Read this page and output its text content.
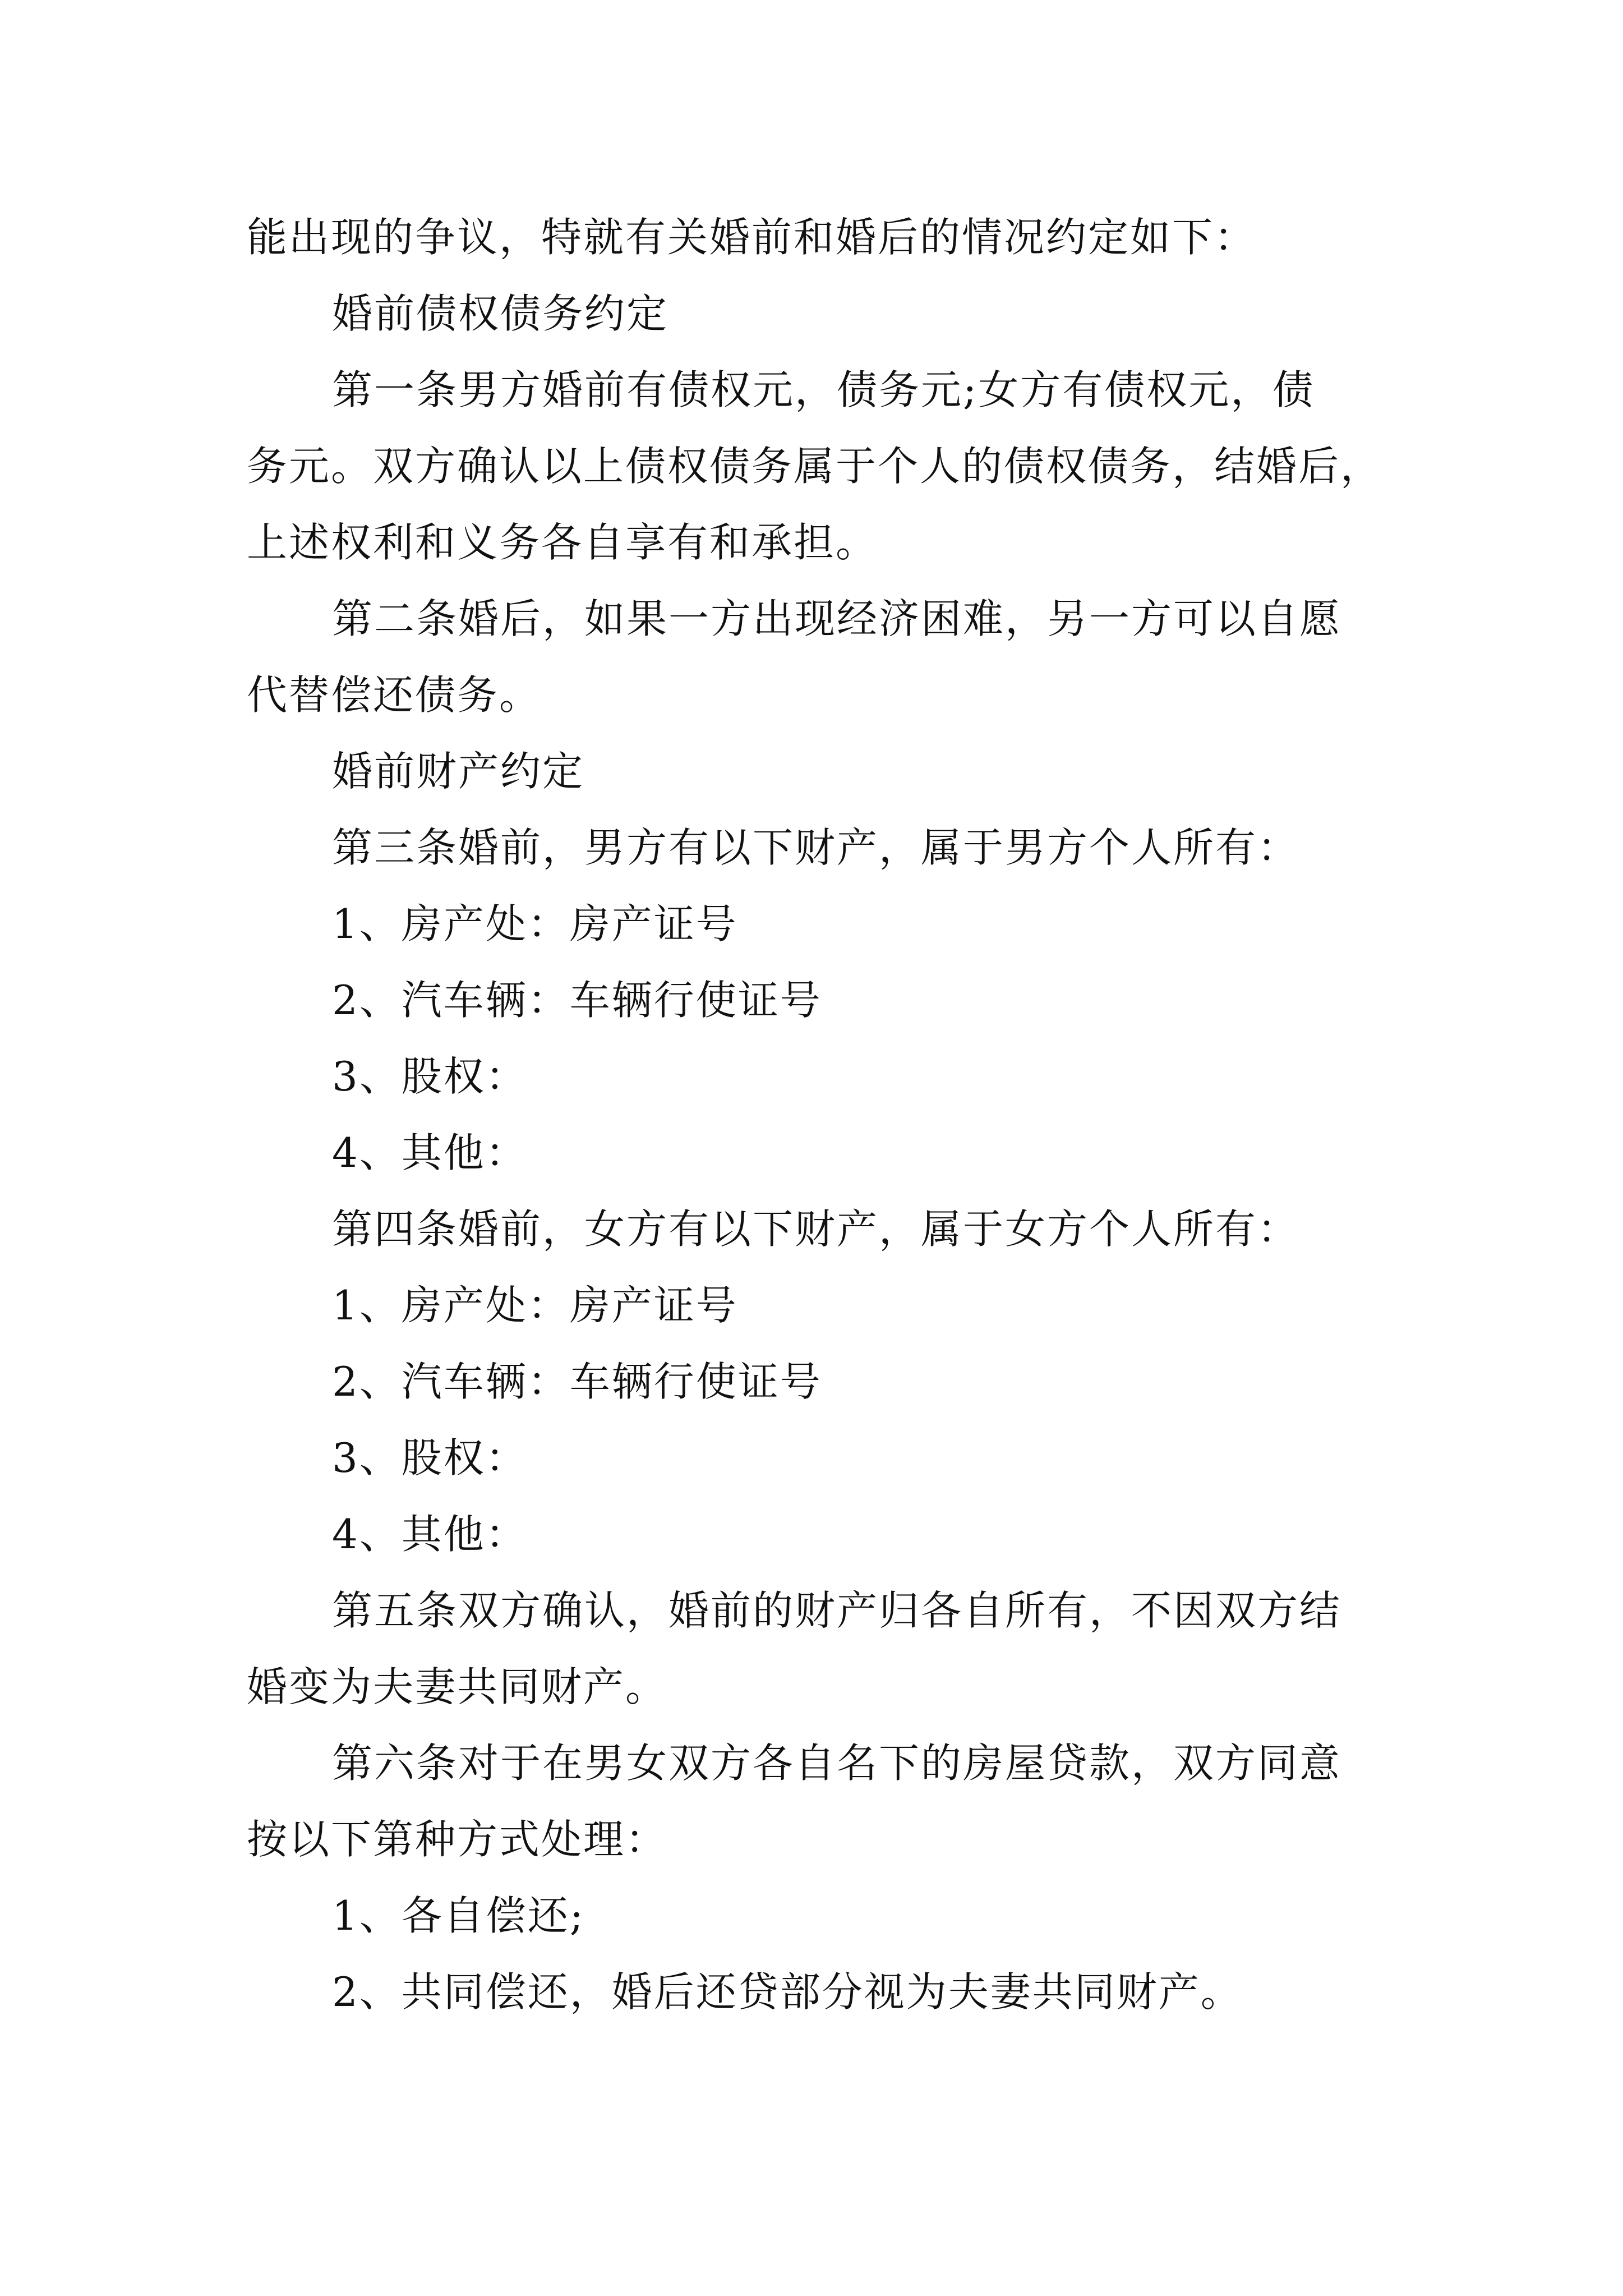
能出现的争议，特就有关婚前和婚后的情况约定如下：
婚前债权债务约定
第一条男方婚前有债权元，债务元;女方有债权元，债
务元。双方确认以上债权债务属于个人的债权债务，结婚后，
上述权利和义务各自享有和承担。
第二条婚后，如果一方出现经济困难，另一方可以自愿
代替偿还债务。
婚前财产约定
第三条婚前，男方有以下财产，属于男方个人所有：
1、房产处：房产证号
2、汽车辆：车辆行使证号
3、股权：
4、其他：
第四条婚前，女方有以下财产，属于女方个人所有：
1、房产处：房产证号
2、汽车辆：车辆行使证号
3、股权：
4、其他：
第五条双方确认，婚前的财产归各自所有，不因双方结
婚变为夫妻共同财产。
第六条对于在男女双方各自名下的房屋贷款，双方同意
按以下第种方式处理：
1、各自偿还;
2、共同偿还，婚后还贷部分视为夫妻共同财产。
